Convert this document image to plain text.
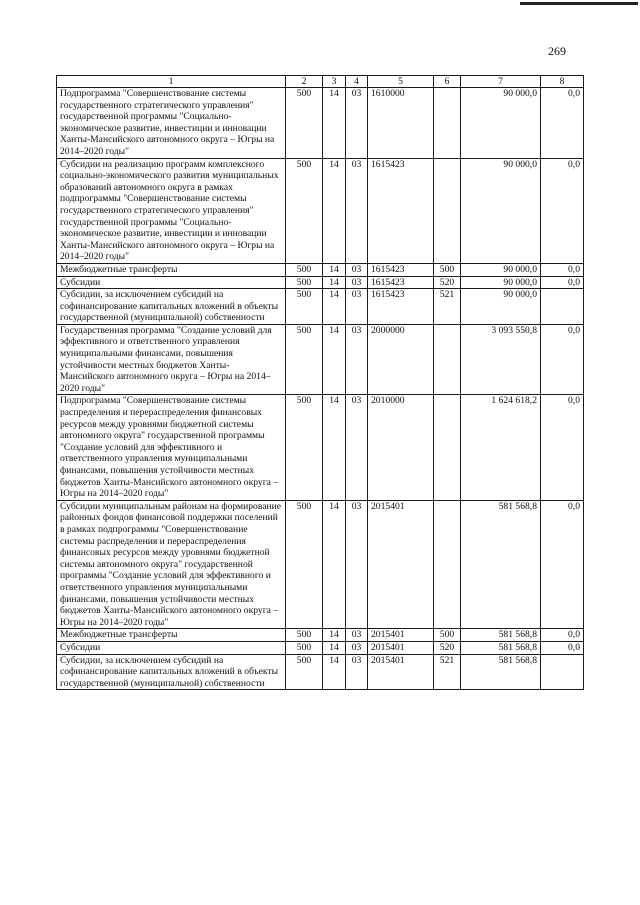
269
1	2	3	4	5	6	7	8
Подпрограмма "Совершенствование системы государственного стратегического управления" государственной программы "Социально-экономическое развитие, инвестиции и инновации Ханты-Мансийского автономного округа – Югры на 2014–2020 годы"	500	14	03	1610000		90 000,0	0,0
Субсидии на реализацию программ комплексного социально-экономического развития муниципальных образований автономного округа в рамках подпрограммы "Совершенствование системы государственного стратегического управления" государственной программы "Социально-экономическое развитие, инвестиции и инновации Ханты-Мансийского автономного округа – Югры на 2014–2020 годы"	500	14	03	1615423		90 000,0	0,0
Межбюджетные трансферты	500	14	03	1615423	500	90 000,0	0,0
Субсидии	500	14	03	1615423	520	90 000,0	0,0
Субсидии, за исключением субсидий на софинансирование капитальных вложений в объекты государственной (муниципальной) собственности	500	14	03	1615423	521	90 000,0	
Государственная программа "Создание условий для эффективного и ответственного управления муниципальными финансами, повышения устойчивости местных бюджетов Ханты-Мансийского автономного округа – Югры на 2014–2020 годы"	500	14	03	2000000		3 093 550,8	0,0
Подпрограмма "Совершенствование системы распределения и перераспределения финансовых ресурсов между уровнями бюджетной системы автономного округа" государственной программы "Создание условий для эффективного и ответственного управления муниципальными финансами, повышения устойчивости местных бюджетов Ханты-Мансийского автономного округа – Югры на 2014–2020 годы"	500	14	03	2010000		1 624 618,2	0,0
Субсидии муниципальным районам на формирование районных фондов финансовой поддержки поселений в рамках подпрограммы "Совершенствование системы распределения и перераспределения финансовых ресурсов между уровнями бюджетной системы автономного округа" государственной программы "Создание условий для эффективного и ответственного управления муниципальными финансами, повышения устойчивости местных бюджетов Ханты-Мансийского автономного округа – Югры на 2014–2020 годы"	500	14	03	2015401		581 568,8	0,0
Межбюджетные трансферты	500	14	03	2015401	500	581 568,8	0,0
Субсидии	500	14	03	2015401	520	581 568,8	0,0
Субсидии, за исключением субсидий на софинансирование капитальных вложений в объекты государственной (муниципальной) собственности	500	14	03	2015401	521	581 568,8	
